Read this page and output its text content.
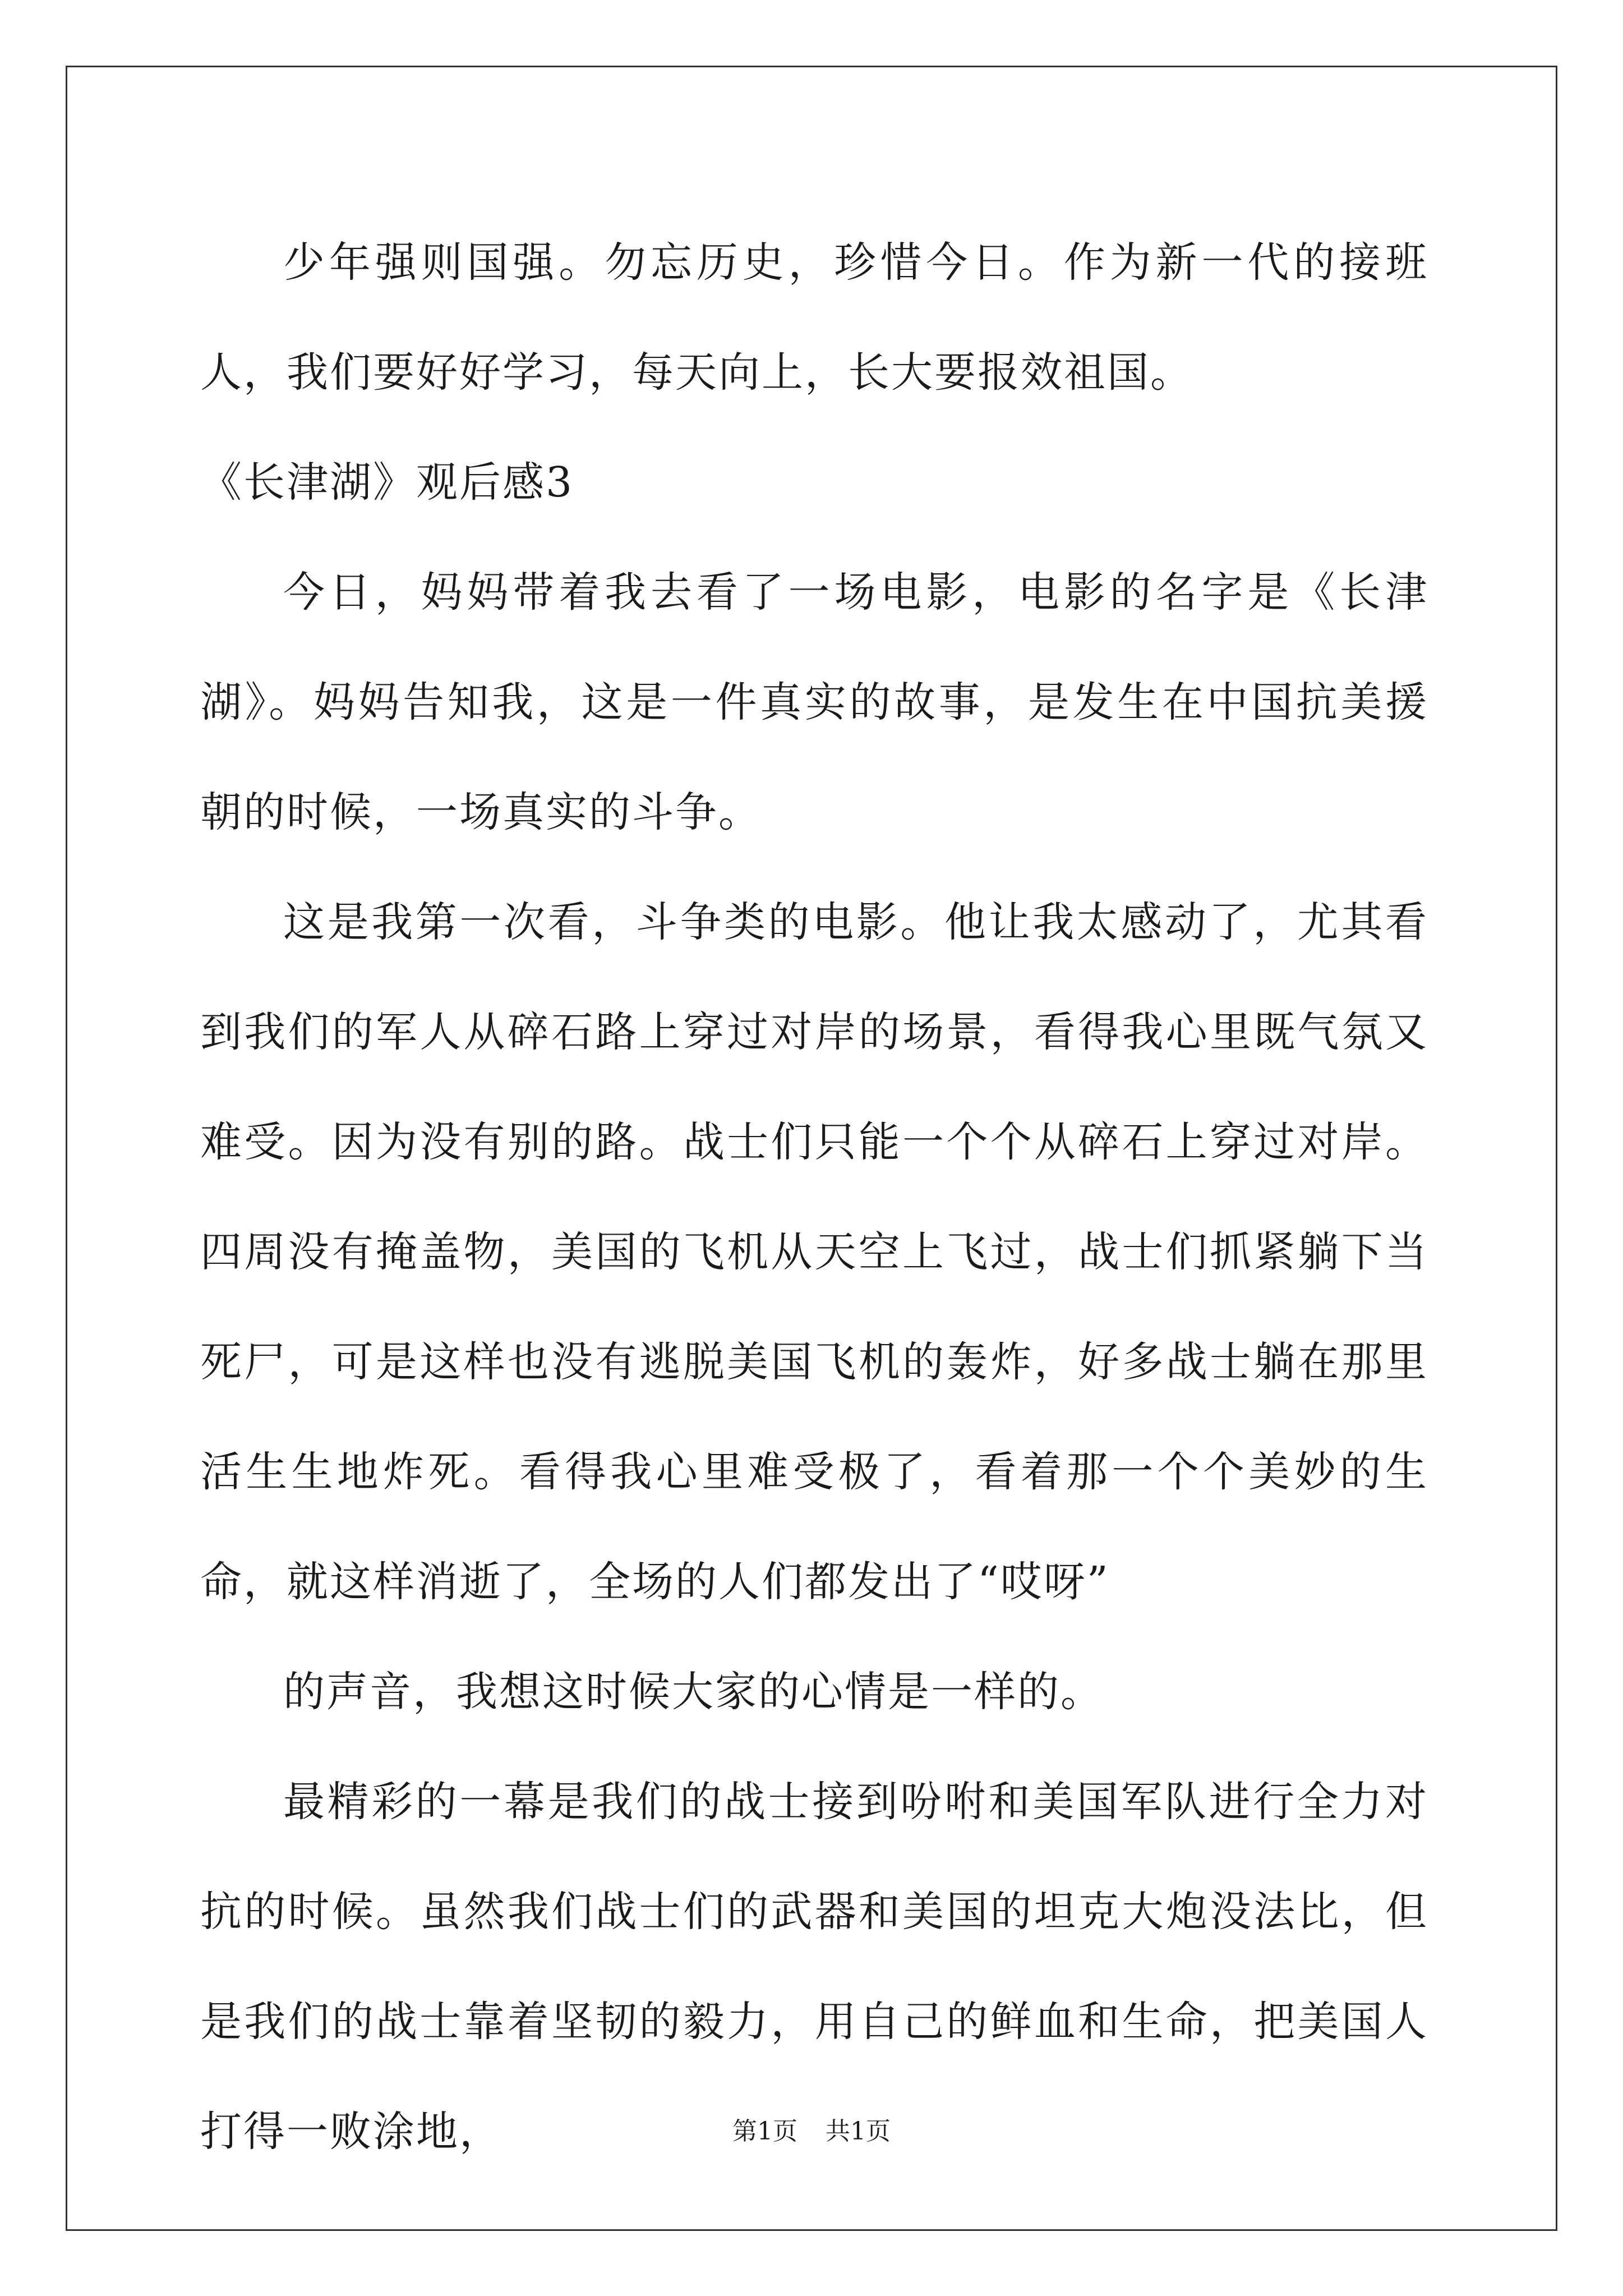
少年强则国强。勿忘历史，珍惜今日。作为新一代的接班人，我们要好好学习，每天向上，长大要报效祖国。

《长津湖》观后感3

今日，妈妈带着我去看了一场电影，电影的名字是《长津湖》。妈妈告知我，这是一件真实的故事，是发生在中国抗美援朝的时候，一场真实的斗争。

这是我第一次看，斗争类的电影。他让我太感动了，尤其看到我们的军人从碎石路上穿过对岸的场景，看得我心里既气氛又难受。因为没有别的路。战士们只能一个个从碎石上穿过对岸。四周没有掩盖物，美国的飞机从天空上飞过，战士们抓紧躺下当死尸，可是这样也没有逃脱美国飞机的轰炸，好多战士躺在那里活生生地炸死。看得我心里难受极了，看着那一个个美妙的生命，就这样消逝了，全场的人们都发出了“哎呀”

的声音，我想这时候大家的心情是一样的。

最精彩的一幕是我们的战士接到吩咐和美国军队进行全力对抗的时候。虽然我们战士们的武器和美国的坦克大炮没法比，但是我们的战士靠着坚韧的毅力，用自己的鲜血和生命，把美国人打得一败涂地，	第1页 共1页
